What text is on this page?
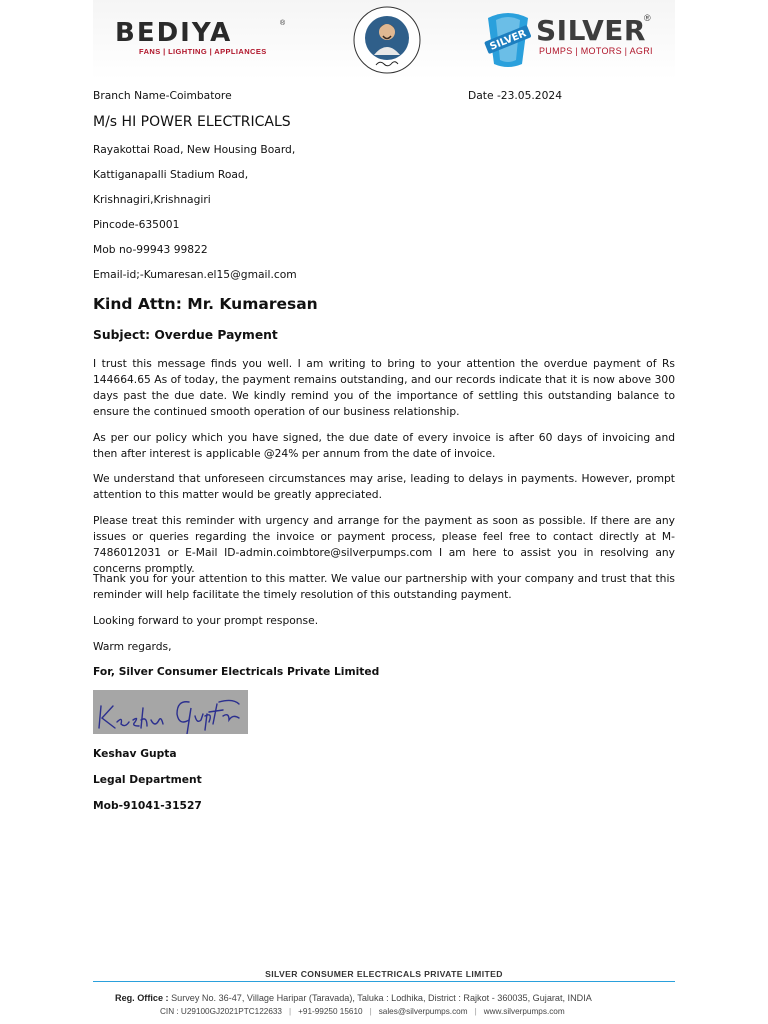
BEDIYA	®
FANS | LIGHTING | APPLIANCES	SILVER SILVER
®
PUMPS | MOTORS | AGRI
Branch Name-Coimbatore	Date -23.05.2024
M/s HI POWER ELECTRICALS
Rayakottai Road, New Housing Board,
Kattiganapalli Stadium Road,
Krishnagiri,Krishnagiri
Pincode-635001
Mob no-99943 99822
Email-id;-Kumaresan.el15@gmail.com
Kind Attn: Mr. Kumaresan
Subject: Overdue Payment

I trust this message finds you well. I am writing to bring to your attention the overdue payment of Rs 144664.65 As of today, the payment remains outstanding, and our records indicate that it is now above 300 days past the due date. We kindly remind you of the importance of settling this outstanding balance to ensure the continued smooth operation of our business relationship.

As per our policy which you have signed, the due date of every invoice is after 60 days of invoicing and then after interest is applicable @24% per annum from the date of invoice.

We understand that unforeseen circumstances may arise, leading to delays in payments. However, prompt attention to this matter would be greatly appreciated.

Please treat this reminder with urgency and arrange for the payment as soon as possible. If there are any issues or queries regarding the invoice or payment process, please feel free to contact directly at M-7486012031 or E-Mail ID-admin.coimbtore@silverpumps.com I am here to assist you in resolving any concerns promptly.

Thank you for your attention to this matter. We value our partnership with your company and trust that this reminder will help facilitate the timely resolution of this outstanding payment.

Looking forward to your prompt response.

Warm regards,

For, Silver Consumer Electricals Private Limited
Keshav Gupta
Legal Department
Mob-91041-31527
SILVER CONSUMER ELECTRICALS PRIVATE LIMITED
Reg. Office : Survey No. 36-47, Village Haripar (Taravada), Taluka : Lodhika, District : Rajkot - 360035, Gujarat, INDIA
CIN : U29100GJ2021PTC122633 | +91-99250 15610 | sales@silverpumps.com | www.silverpumps.com
